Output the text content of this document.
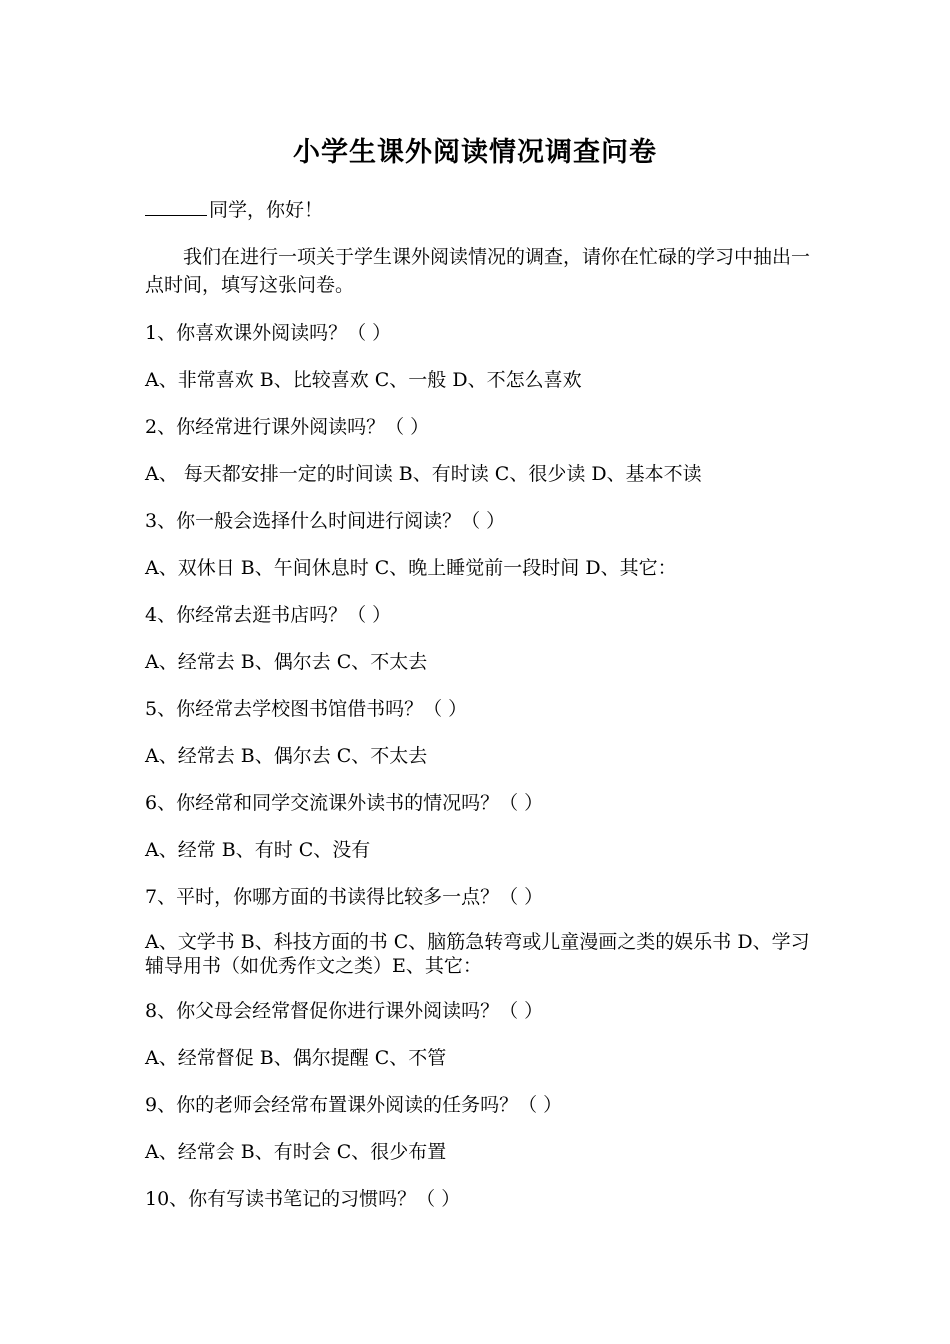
小学生课外阅读情况调查问卷
同学，你好！
我们在进行一项关于学生课外阅读情况的调查，请你在忙碌的学习中抽出一点时间，填写这张问卷。
1、你喜欢课外阅读吗？（ ）
A、非常喜欢 B、比较喜欢 C、一般 D、不怎么喜欢
2、你经常进行课外阅读吗？（ ）
A、 每天都安排一定的时间读 B、有时读 C、很少读 D、基本不读
3、你一般会选择什么时间进行阅读？（ ）
A、双休日 B、午间休息时 C、晚上睡觉前一段时间 D、其它：
4、你经常去逛书店吗？（ ）
A、经常去 B、偶尔去 C、不太去
5、你经常去学校图书馆借书吗？（ ）
A、经常去 B、偶尔去 C、不太去
6、你经常和同学交流课外读书的情况吗？（ ）
A、经常 B、有时 C、没有
7、平时，你哪方面的书读得比较多一点？（ ）
A、文学书 B、科技方面的书 C、脑筋急转弯或儿童漫画之类的娱乐书 D、学习辅导用书（如优秀作文之类）E、其它：
8、你父母会经常督促你进行课外阅读吗？（ ）
A、经常督促 B、偶尔提醒 C、不管
9、你的老师会经常布置课外阅读的任务吗？（ ）
A、经常会 B、有时会 C、很少布置
10、你有写读书笔记的习惯吗？（ ）
